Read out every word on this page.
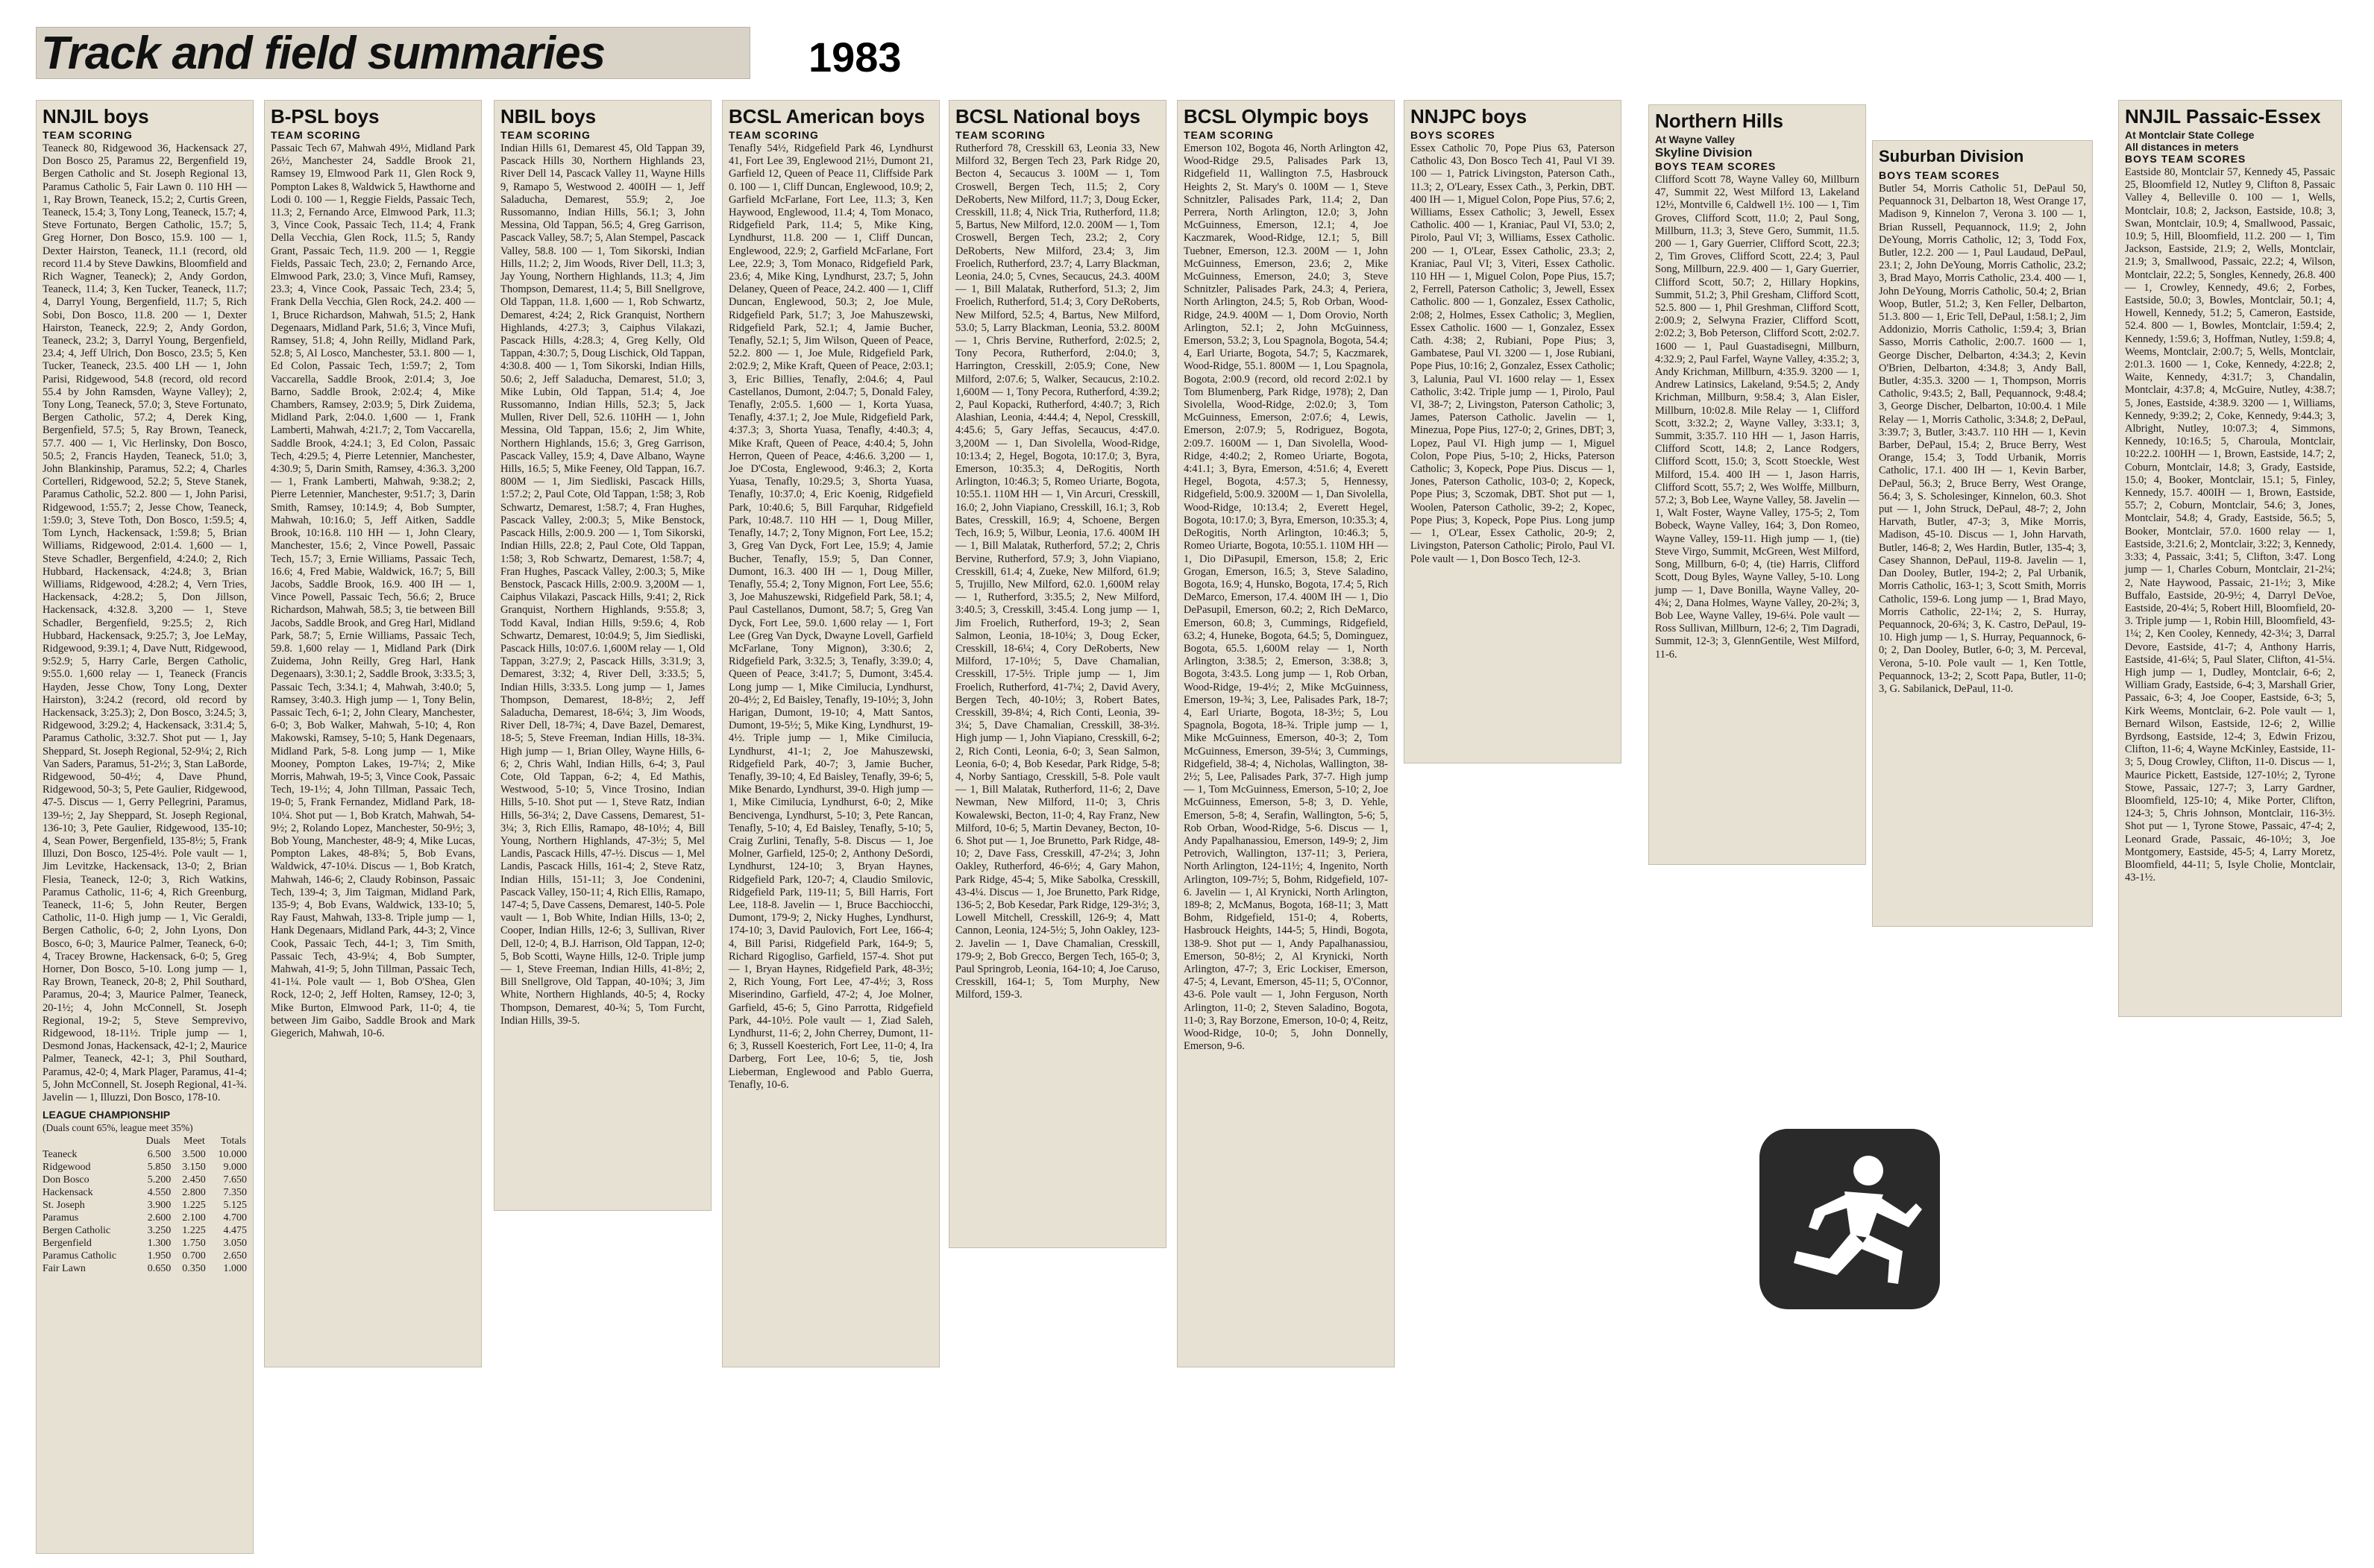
Track and field summaries	1983
NNJIL boys
TEAM SCORING

Teaneck 80, Ridgewood 36, Hackensack 27, Don Bosco 25, Paramus 22, Bergenfield 19, Bergen Catholic and St. Joseph Regional 13, Paramus Catholic 5, Fair Lawn 0. 110 HH — 1, Ray Brown, Teaneck, 15.2; 2, Curtis Green, Teaneck, 15.4; 3, Tony Long, Teaneck, 15.7; 4, Steve Fortunato, Bergen Catholic, 15.7; 5, Greg Horner, Don Bosco, 15.9. 100 — 1, Dexter Hairston, Teaneck, 11.1 (record, old record 11.4 by Steve Dawkins, Bloomfield and Rich Wagner, Teaneck); 2, Andy Gordon, Teaneck, 11.4; 3, Ken Tucker, Teaneck, 11.7; 4, Darryl Young, Bergenfield, 11.7; 5, Rich Sobi, Don Bosco, 11.8. 200 — 1, Dexter Hairston, Teaneck, 22.9; 2, Andy Gordon, Teaneck, 23.2; 3, Darryl Young, Bergenfield, 23.4; 4, Jeff Ulrich, Don Bosco, 23.5; 5, Ken Tucker, Teaneck, 23.5. 400 LH — 1, John Parisi, Ridgewood, 54.8 (record, old record 55.4 by John Ramsden, Wayne Valley); 2, Tony Long, Teaneck, 57.0; 3, Steve Fortunato, Bergen Catholic, 57.2; 4, Derek King, Bergenfield, 57.5; 5, Ray Brown, Teaneck, 57.7. 400 — 1, Vic Herlinsky, Don Bosco, 50.5; 2, Francis Hayden, Teaneck, 51.0; 3, John Blankinship, Paramus, 52.2; 4, Charles Cortelleri, Ridgewood, 52.2; 5, Steve Stanek, Paramus Catholic, 52.2. 800 — 1, John Parisi, Ridgewood, 1:55.7; 2, Jesse Chow, Teaneck, 1:59.0; 3, Steve Toth, Don Bosco, 1:59.5; 4, Tom Lynch, Hackensack, 1:59.8; 5, Brian Williams, Ridgewood, 2:01.4. 1,600 — 1, Steve Schadler, Bergenfield, 4:24.0; 2, Rich Hubbard, Hackensack, 4:24.8; 3, Brian Williams, Ridgewood, 4:28.2; 4, Vern Tries, Hackensack, 4:28.2; 5, Don Jillson, Hackensack, 4:32.8. 3,200 — 1, Steve Schadler, Bergenfield, 9:25.5; 2, Rich Hubbard, Hackensack, 9:25.7; 3, Joe LeMay, Ridgewood, 9:39.1; 4, Dave Nutt, Ridgewood, 9:52.9; 5, Harry Carle, Bergen Catholic, 9:55.0. 1,600 relay — 1, Teaneck (Francis Hayden, Jesse Chow, Tony Long, Dexter Hairston), 3:24.2 (record, old record by Hackensack, 3:25.3); 2, Don Bosco, 3:24.5; 3, Ridgewood, 3:29.2; 4, Hackensack, 3:31.4; 5, Paramus Catholic, 3:32.7. Shot put — 1, Jay Sheppard, St. Joseph Regional, 52-9¼; 2, Rich Van Saders, Paramus, 51-2½; 3, Stan LaBorde, Ridgewood, 50-4½; 4, Dave Phund, Ridgewood, 50-3; 5, Pete Gaulier, Ridgewood, 47-5. Discus — 1, Gerry Pellegrini, Paramus, 139-½; 2, Jay Sheppard, St. Joseph Regional, 136-10; 3, Pete Gaulier, Ridgewood, 135-10; 4, Sean Power, Bergenfield, 135-8½; 5, Frank Illuzi, Don Bosco, 125-4½. Pole vault — 1, Jim Levitzke, Hackensack, 13-0; 2, Brian Flesia, Teaneck, 12-0; 3, Rich Watkins, Paramus Catholic, 11-6; 4, Rich Greenburg, Teaneck, 11-6; 5, John Reuter, Bergen Catholic, 11-0. High jump — 1, Vic Geraldi, Bergen Catholic, 6-0; 2, John Lyons, Don Bosco, 6-0; 3, Maurice Palmer, Teaneck, 6-0; 4, Tracey Browne, Hackensack, 6-0; 5, Greg Horner, Don Bosco, 5-10. Long jump — 1, Ray Brown, Teaneck, 20-8; 2, Phil Southard, Paramus, 20-4; 3, Maurice Palmer, Teaneck, 20-1½; 4, John McConnell, St. Joseph Regional, 19-2; 5, Steve Semprevivo, Ridgewood, 18-11½. Triple jump — 1, Desmond Jonas, Hackensack, 42-1; 2, Maurice Palmer, Teaneck, 42-1; 3, Phil Southard, Paramus, 42-0; 4, Mark Plager, Paramus, 41-4; 5, John McConnell, St. Joseph Regional, 41-¾. Javelin — 1, Illuzzi, Don Bosco, 178-10.

LEAGUE CHAMPIONSHIP
(Duals count 65%, league meet 35%)
	Duals	Meet	Totals
Teaneck	6.500	3.500	10.000
Ridgewood	5.850	3.150	9.000
Don Bosco	5.200	2.450	7.650
Hackensack	4.550	2.800	7.350
St. Joseph	3.900	1.225	5.125
Paramus	2.600	2.100	4.700
Bergen Catholic	3.250	1.225	4.475
Bergenfield	1.300	1.750	3.050
Paramus Catholic	1.950	0.700	2.650
Fair Lawn	0.650	0.350	1.000
B-PSL boys
TEAM SCORING

Passaic Tech 67, Mahwah 49½, Midland Park 26½, Manchester 24, Saddle Brook 21, Ramsey 19, Elmwood Park 11, Glen Rock 9, Pompton Lakes 8, Waldwick 5, Hawthorne and Lodi 0. 100 — 1, Reggie Fields, Passaic Tech, 11.3; 2, Fernando Arce, Elmwood Park, 11.3; 3, Vince Cook, Passaic Tech, 11.4; 4, Frank Della Vecchia, Glen Rock, 11.5; 5, Randy Grant, Passaic Tech, 11.9. 200 — 1, Reggie Fields, Passaic Tech, 23.0; 2, Fernando Arce, Elmwood Park, 23.0; 3, Vince Mufi, Ramsey, 23.3; 4, Vince Cook, Passaic Tech, 23.4; 5, Frank Della Vecchia, Glen Rock, 24.2. 400 — 1, Bruce Richardson, Mahwah, 51.5; 2, Hank Degenaars, Midland Park, 51.6; 3, Vince Mufi, Ramsey, 51.8; 4, John Reilly, Midland Park, 52.8; 5, Al Losco, Manchester, 53.1. 800 — 1, Ed Colon, Passaic Tech, 1:59.7; 2, Tom Vaccarella, Saddle Brook, 2:01.4; 3, Joe Barno, Saddle Brook, 2:02.4; 4, Mike Chambers, Ramsey, 2:03.9; 5, Dirk Zuidema, Midland Park, 2:04.0. 1,600 — 1, Frank Lamberti, Mahwah, 4:21.7; 2, Tom Vaccarella, Saddle Brook, 4:24.1; 3, Ed Colon, Passaic Tech, 4:29.5; 4, Pierre Letennier, Manchester, 4:30.9; 5, Darin Smith, Ramsey, 4:36.3. 3,200 — 1, Frank Lamberti, Mahwah, 9:38.2; 2, Pierre Letennier, Manchester, 9:51.7; 3, Darin Smith, Ramsey, 10:14.9; 4, Bob Sumpter, Mahwah, 10:16.0; 5, Jeff Aitken, Saddle Brook, 10:16.8. 110 HH — 1, John Cleary, Manchester, 15.6; 2, Vince Powell, Passaic Tech, 15.7; 3, Ernie Williams, Passaic Tech, 16.6; 4, Fred Mabie, Waldwick, 16.7; 5, Bill Jacobs, Saddle Brook, 16.9. 400 IH — 1, Vince Powell, Passaic Tech, 56.6; 2, Bruce Richardson, Mahwah, 58.5; 3, tie between Bill Jacobs, Saddle Brook, and Greg Harl, Midland Park, 58.7; 5, Ernie Williams, Passaic Tech, 59.8. 1,600 relay — 1, Midland Park (Dirk Zuidema, John Reilly, Greg Harl, Hank Degenaars), 3:30.1; 2, Saddle Brook, 3:33.5; 3, Passaic Tech, 3:34.1; 4, Mahwah, 3:40.0; 5, Ramsey, 3:40.3. High jump — 1, Tony Belin, Passaic Tech, 6-1; 2, John Cleary, Manchester, 6-0; 3, Bob Walker, Mahwah, 5-10; 4, Ron Makowski, Ramsey, 5-10; 5, Hank Degenaars, Midland Park, 5-8. Long jump — 1, Mike Mooney, Pompton Lakes, 19-7¼; 2, Mike Morris, Mahwah, 19-5; 3, Vince Cook, Passaic Tech, 19-1½; 4, John Tillman, Passaic Tech, 19-0; 5, Frank Fernandez, Midland Park, 18-10¼. Shot put — 1, Bob Kratch, Mahwah, 54-9½; 2, Rolando Lopez, Manchester, 50-9½; 3, Bob Young, Manchester, 48-9; 4, Mike Lucas, Pompton Lakes, 48-8¾; 5, Bob Evans, Waldwick, 47-10¼. Discus — 1, Bob Kratch, Mahwah, 146-6; 2, Claudy Robinson, Passaic Tech, 139-4; 3, Jim Taigman, Midland Park, 135-9; 4, Bob Evans, Waldwick, 133-10; 5, Ray Faust, Mahwah, 133-8. Triple jump — 1, Hank Degenaars, Midland Park, 44-3; 2, Vince Cook, Passaic Tech, 44-1; 3, Tim Smith, Passaic Tech, 43-9¼; 4, Bob Sumpter, Mahwah, 41-9; 5, John Tillman, Passaic Tech, 41-1¼. Pole vault — 1, Bob O'Shea, Glen Rock, 12-0; 2, Jeff Holten, Ramsey, 12-0; 3, Mike Burton, Elmwood Park, 11-0; 4, tie between Jim Gaibo, Saddle Brook and Mark Giegerich, Mahwah, 10-6.

NBIL boys
TEAM SCORING

Indian Hills 61, Demarest 45, Old Tappan 39, Pascack Hills 30, Northern Highlands 23, River Dell 14, Pascack Valley 11, Wayne Hills 9, Ramapo 5, Westwood 2. 400IH — 1, Jeff Saladucha, Demarest, 55.9; 2, Joe Russomanno, Indian Hills, 56.1; 3, John Messina, Old Tappan, 56.5; 4, Greg Garrison, Pascack Valley, 58.7; 5, Alan Stempel, Pascack Valley, 58.8. 100 — 1, Tom Sikorski, Indian Hills, 11.2; 2, Jim Woods, River Dell, 11.3; 3, Jay Young, Northern Highlands, 11.3; 4, Jim Thompson, Demarest, 11.4; 5, Bill Snellgrove, Old Tappan, 11.8. 1,600 — 1, Rob Schwartz, Demarest, 4:24; 2, Rick Granquist, Northern Highlands, 4:27.3; 3, Caiphus Vilakazi, Pascack Hills, 4:28.3; 4, Greg Kelly, Old Tappan, 4:30.7; 5, Doug Lischick, Old Tappan, 4:30.8. 400 — 1, Tom Sikorski, Indian Hills, 50.6; 2, Jeff Saladucha, Demarest, 51.0; 3, Mike Lubin, Old Tappan, 51.4; 4, Joe Russomanno, Indian Hills, 52.3; 5, Jack Mullen, River Dell, 52.6. 110HH — 1, John Messina, Old Tappan, 15.6; 2, Jim White, Northern Highlands, 15.6; 3, Greg Garrison, Pascack Valley, 15.9; 4, Dave Albano, Wayne Hills, 16.5; 5, Mike Feeney, Old Tappan, 16.7. 800M — 1, Jim Siedliski, Pascack Hills, 1:57.2; 2, Paul Cote, Old Tappan, 1:58; 3, Rob Schwartz, Demarest, 1:58.7; 4, Fran Hughes, Pascack Valley, 2:00.3; 5, Mike Benstock, Pascack Hills, 2:00.9. 200 — 1, Tom Sikorski, Indian Hills, 22.8; 2, Paul Cote, Old Tappan, 1:58; 3, Rob Schwartz, Demarest, 1:58.7; 4, Fran Hughes, Pascack Valley, 2:00.3; 5, Mike Benstock, Pascack Hills, 2:00.9. 3,200M — 1, Caiphus Vilakazi, Pascack Hills, 9:41; 2, Rick Granquist, Northern Highlands, 9:55.8; 3, Todd Kaval, Indian Hills, 9:59.6; 4, Rob Schwartz, Demarest, 10:04.9; 5, Jim Siedliski, Pascack Hills, 10:07.6. 1,600M relay — 1, Old Tappan, 3:27.9; 2, Pascack Hills, 3:31.9; 3, Demarest, 3:32; 4, River Dell, 3:33.5; 5, Indian Hills, 3:33.5. Long jump — 1, James Thompson, Demarest, 18-8½; 2, Jeff Saladucha, Demarest, 18-6¼; 3, Jim Woods, River Dell, 18-7¾; 4, Dave Bazel, Demarest, 18-5; 5, Steve Freeman, Indian Hills, 18-3¾. High jump — 1, Brian Olley, Wayne Hills, 6-6; 2, Chris Wahl, Indian Hills, 6-4; 3, Paul Cote, Old Tappan, 6-2; 4, Ed Mathis, Westwood, 5-10; 5, Vince Trosino, Indian Hills, 5-10. Shot put — 1, Steve Ratz, Indian Hills, 56-3¼; 2, Dave Cassens, Demarest, 51-3¼; 3, Rich Ellis, Ramapo, 48-10½; 4, Bill Young, Northern Highlands, 47-3½; 5, Mel Landis, Pascack Hills, 47-½. Discus — 1, Mel Landis, Pascack Hills, 161-4; 2, Steve Ratz, Indian Hills, 151-11; 3, Joe Condenini, Pascack Valley, 150-11; 4, Rich Ellis, Ramapo, 147-4; 5, Dave Cassens, Demarest, 140-5. Pole vault — 1, Bob White, Indian Hills, 13-0; 2, Cooper, Indian Hills, 12-6; 3, Sullivan, River Dell, 12-0; 4, B.J. Harrison, Old Tappan, 12-0; 5, Bob Scotti, Wayne Hills, 12-0. Triple jump — 1, Steve Freeman, Indian Hills, 41-8½; 2, Bill Snellgrove, Old Tappan, 40-10¾; 3, Jim White, Northern Highlands, 40-5; 4, Rocky Thompson, Demarest, 40-¾; 5, Tom Furcht, Indian Hills, 39-5.

BCSL American boys
TEAM SCORING

Tenafly 54½, Ridgefield Park 46, Lyndhurst 41, Fort Lee 39, Englewood 21½, Dumont 21, Garfield 12, Queen of Peace 11, Cliffside Park 0. 100 — 1, Cliff Duncan, Englewood, 10.9; 2, Garfield McFarlane, Fort Lee, 11.3; 3, Ken Haywood, Englewood, 11.4; 4, Tom Monaco, Ridgefield Park, 11.4; 5, Mike King, Lyndhurst, 11.8. 200 — 1, Cliff Duncan, Englewood, 22.9; 2, Garfield McFarlane, Fort Lee, 22.9; 3, Tom Monaco, Ridgefield Park, 23.6; 4, Mike King, Lyndhurst, 23.7; 5, John Delaney, Queen of Peace, 24.2. 400 — 1, Cliff Duncan, Englewood, 50.3; 2, Joe Mule, Ridgefield Park, 51.7; 3, Joe Mahuszewski, Ridgefield Park, 52.1; 4, Jamie Bucher, Tenafly, 52.1; 5, Jim Wilson, Queen of Peace, 52.2. 800 — 1, Joe Mule, Ridgefield Park, 2:02.9; 2, Mike Kraft, Queen of Peace, 2:03.1; 3, Eric Billies, Tenafly, 2:04.6; 4, Paul Castellanos, Dumont, 2:04.7; 5, Donald Faley, Tenafly, 2:05.5. 1,600 — 1, Korta Yuasa, Tenafly, 4:37.1; 2, Joe Mule, Ridgefield Park, 4:37.3; 3, Shorta Yuasa, Tenafly, 4:40.3; 4, Mike Kraft, Queen of Peace, 4:40.4; 5, John Herron, Queen of Peace, 4:46.6. 3,200 — 1, Joe D'Costa, Englewood, 9:46.3; 2, Korta Yuasa, Tenafly, 10:29.5; 3, Shorta Yuasa, Tenafly, 10:37.0; 4, Eric Koenig, Ridgefield Park, 10:40.6; 5, Bill Farquhar, Ridgefield Park, 10:48.7. 110 HH — 1, Doug Miller, Tenafly, 14.7; 2, Tony Mignon, Fort Lee, 15.2; 3, Greg Van Dyck, Fort Lee, 15.9; 4, Jamie Bucher, Tenafly, 15.9; 5, Dan Conner, Dumont, 16.3. 400 IH — 1, Doug Miller, Tenafly, 55.4; 2, Tony Mignon, Fort Lee, 55.6; 3, Joe Mahuszewski, Ridgefield Park, 58.1; 4, Paul Castellanos, Dumont, 58.7; 5, Greg Van Dyck, Fort Lee, 59.0. 1,600 relay — 1, Fort Lee (Greg Van Dyck, Dwayne Lovell, Garfield McFarlane, Tony Mignon), 3:30.6; 2, Ridgefield Park, 3:32.5; 3, Tenafly, 3:39.0; 4, Queen of Peace, 3:41.7; 5, Dumont, 3:45.4. Long jump — 1, Mike Cimilucia, Lyndhurst, 20-4½; 2, Ed Baisley, Tenafly, 19-10½; 3, John Harigan, Dumont, 19-10; 4, Matt Santos, Dumont, 19-5½; 5, Mike King, Lyndhurst, 19-4½. Triple jump — 1, Mike Cimilucia, Lyndhurst, 41-1; 2, Joe Mahuszewski, Ridgefield Park, 40-7; 3, Jamie Bucher, Tenafly, 39-10; 4, Ed Baisley, Tenafly, 39-6; 5, Mike Benardo, Lyndhurst, 39-0. High jump — 1, Mike Cimilucia, Lyndhurst, 6-0; 2, Mike Bencivenga, Lyndhurst, 5-10; 3, Pete Rancan, Tenafly, 5-10; 4, Ed Baisley, Tenafly, 5-10; 5, Craig Zurlini, Tenafly, 5-8. Discus — 1, Joe Molner, Garfield, 125-0; 2, Anthony DeSordi, Lyndhurst, 124-10; 3, Bryan Haynes, Ridgefield Park, 120-7; 4, Claudio Smilovic, Ridgefield Park, 119-11; 5, Bill Harris, Fort Lee, 118-8. Javelin — 1, Bruce Bacchiocchi, Dumont, 179-9; 2, Nicky Hughes, Lyndhurst, 174-10; 3, David Paulovich, Fort Lee, 166-4; 4, Bill Parisi, Ridgefield Park, 164-9; 5, Richard Rigogliso, Garfield, 157-4. Shot put — 1, Bryan Haynes, Ridgefield Park, 48-3½; 2, Rich Young, Fort Lee, 47-4½; 3, Ross Miserindino, Garfield, 47-2; 4, Joe Molner, Garfield, 45-6; 5, Gino Parrotta, Ridgefield Park, 44-10½. Pole vault — 1, Ziad Saleh, Lyndhurst, 11-6; 2, John Cherrey, Dumont, 11-6; 3, Russell Koesterich, Fort Lee, 11-0; 4, Ira Darberg, Fort Lee, 10-6; 5, tie, Josh Lieberman, Englewood and Pablo Guerra, Tenafly, 10-6.

BCSL National boys
TEAM SCORING

Rutherford 78, Cresskill 63, Leonia 33, New Milford 32, Bergen Tech 23, Park Ridge 20, Becton 4, Secaucus 3. 100M — 1, Tom Croswell, Bergen Tech, 11.5; 2, Cory DeRoberts, New Milford, 11.7; 3, Doug Ecker, Cresskill, 11.8; 4, Nick Tria, Rutherford, 11.8; 5, Bartus, New Milford, 12.0. 200M — 1, Tom Croswell, Bergen Tech, 23.2; 2, Cory DeRoberts, New Milford, 23.4; 3, Jim Froelich, Rutherford, 23.7; 4, Larry Blackman, Leonia, 24.0; 5, Cvnes, Secaucus, 24.3. 400M — 1, Bill Malatak, Rutherford, 51.3; 2, Jim Froelich, Rutherford, 51.4; 3, Cory DeRoberts, New Milford, 52.5; 4, Bartus, New Milford, 53.0; 5, Larry Blackman, Leonia, 53.2. 800M — 1, Chris Bervine, Rutherford, 2:02.5; 2, Tony Pecora, Rutherford, 2:04.0; 3, Harrington, Cresskill, 2:05.9; Cone, New Milford, 2:07.6; 5, Walker, Secaucus, 2:10.2. 1,600M — 1, Tony Pecora, Rutherford, 4:39.2; 2, Paul Kopacki, Rutherford, 4:40.7; 3, Rich Alashian, Leonia, 4:44.4; 4, Nepol, Cresskill, 4:45.6; 5, Gary Jeffas, Secaucus, 4:47.0. 3,200M — 1, Dan Sivolella, Wood-Ridge, 10:13.4; 2, Hegel, Bogota, 10:17.0; 3, Byra, Emerson, 10:35.3; 4, DeRogitis, North Arlington, 10:46.3; 5, Romeo Uriarte, Bogota, 10:55.1. 110M HH — 1, Vin Arcuri, Cresskill, 16.0; 2, John Viapiano, Cresskill, 16.1; 3, Rob Bates, Cresskill, 16.9; 4, Schoene, Bergen Tech, 16.9; 5, Wilbur, Leonia, 17.6. 400M IH — 1, Bill Malatak, Rutherford, 57.2; 2, Chris Bervine, Rutherford, 57.9; 3, John Viapiano, Cresskill, 61.4; 4, Zueke, New Milford, 61.9; 5, Trujillo, New Milford, 62.0. 1,600M relay — 1, Rutherford, 3:35.5; 2, New Milford, 3:40.5; 3, Cresskill, 3:45.4. Long jump — 1, Jim Froelich, Rutherford, 19-3; 2, Sean Salmon, Leonia, 18-10¼; 3, Doug Ecker, Cresskill, 18-6¼; 4, Cory DeRoberts, New Milford, 17-10½; 5, Dave Chamalian, Cresskill, 17-5½. Triple jump — 1, Jim Froelich, Rutherford, 41-7¼; 2, David Avery, Bergen Tech, 40-10½; 3, Robert Bates, Cresskill, 39-8¼; 4, Rich Conti, Leonia, 39-3¼; 5, Dave Chamalian, Cresskill, 38-3½. High jump — 1, John Viapiano, Cresskill, 6-2; 2, Rich Conti, Leonia, 6-0; 3, Sean Salmon, Leonia, 6-0; 4, Bob Kesedar, Park Ridge, 5-8; 4, Norby Santiago, Cresskill, 5-8. Pole vault — 1, Bill Malatak, Rutherford, 11-6; 2, Dave Newman, New Milford, 11-0; 3, Chris Kowalewski, Becton, 11-0; 4, Ray Franz, New Milford, 10-6; 5, Martin Devaney, Becton, 10-6. Shot put — 1, Joe Brunetto, Park Ridge, 48-10; 2, Dave Fass, Cresskill, 47-2¼; 3, John Oakley, Rutherford, 46-6½; 4, Gary Mahon, Park Ridge, 45-4; 5, Mike Sabolka, Cresskill, 43-4¼. Discus — 1, Joe Brunetto, Park Ridge, 136-5; 2, Bob Kesedar, Park Ridge, 129-3½; 3, Lowell Mitchell, Cresskill, 126-9; 4, Matt Cannon, Leonia, 124-5½; 5, John Oakley, 123-2. Javelin — 1, Dave Chamalian, Cresskill, 179-9; 2, Bob Grecco, Bergen Tech, 165-0; 3, Paul Springrob, Leonia, 164-10; 4, Joe Caruso, Cresskill, 164-1; 5, Tom Murphy, New Milford, 159-3.

BCSL Olympic boys
TEAM SCORING

Emerson 102, Bogota 46, North Arlington 42, Wood-Ridge 29.5, Palisades Park 13, Ridgefield 11, Wallington 7.5, Hasbrouck Heights 2, St. Mary's 0. 100M — 1, Steve Schnitzler, Palisades Park, 11.4; 2, Dan Perrera, North Arlington, 12.0; 3, John McGuinness, Emerson, 12.1; 4, Joe Kaczmarek, Wood-Ridge, 12.1; 5, Bill Tuebner, Emerson, 12.3. 200M — 1, John McGuinness, Emerson, 23.6; 2, Mike McGuinness, Emerson, 24.0; 3, Steve Schnitzler, Palisades Park, 24.3; 4, Periera, North Arlington, 24.5; 5, Rob Orban, Wood-Ridge, 24.9. 400M — 1, Dom Orovio, North Arlington, 52.1; 2, John McGuinness, Emerson, 53.2; 3, Lou Spagnola, Bogota, 54.4; 4, Earl Uriarte, Bogota, 54.7; 5, Kaczmarek, Wood-Ridge, 55.1. 800M — 1, Lou Spagnola, Bogota, 2:00.9 (record, old record 2:02.1 by Tom Blumenberg, Park Ridge, 1978); 2, Dan Sivolella, Wood-Ridge, 2:02.0; 3, Tom McGuinness, Emerson, 2:07.6; 4, Lewis, Emerson, 2:07.9; 5, Rodriguez, Bogota, 2:09.7. 1600M — 1, Dan Sivolella, Wood-Ridge, 4:40.2; 2, Romeo Uriarte, Bogota, 4:41.1; 3, Byra, Emerson, 4:51.6; 4, Everett Hegel, Bogota, 4:57.3; 5, Hennessy, Ridgefield, 5:00.9. 3200M — 1, Dan Sivolella, Wood-Ridge, 10:13.4; 2, Everett Hegel, Bogota, 10:17.0; 3, Byra, Emerson, 10:35.3; 4, DeRogitis, North Arlington, 10:46.3; 5, Romeo Uriarte, Bogota, 10:55.1. 110M HH — 1, Dio DiPasupil, Emerson, 15.8; 2, Eric Grogan, Emerson, 16.5; 3, Steve Saladino, Bogota, 16.9; 4, Hunsko, Bogota, 17.4; 5, Rich DeMarco, Emerson, 17.4. 400M IH — 1, Dio DePasupil, Emerson, 60.2; 2, Rich DeMarco, Emerson, 60.8; 3, Cummings, Ridgefield, 63.2; 4, Huneke, Bogota, 64.5; 5, Dominguez, Bogota, 65.5. 1,600M relay — 1, North Arlington, 3:38.5; 2, Emerson, 3:38.8; 3, Bogota, 3:43.5. Long jump — 1, Rob Orban, Wood-Ridge, 19-4½; 2, Mike McGuinness, Emerson, 19-¾; 3, Lee, Palisades Park, 18-7; 4, Earl Uriarte, Bogota, 18-3½; 5, Lou Spagnola, Bogota, 18-¾. Triple jump — 1, Mike McGuinness, Emerson, 40-3; 2, Tom McGuinness, Emerson, 39-5¼; 3, Cummings, Ridgefield, 38-4; 4, Nicholas, Wallington, 38-2½; 5, Lee, Palisades Park, 37-7. High jump — 1, Tom McGuinness, Emerson, 5-10; 2, Joe McGuinness, Emerson, 5-8; 3, D. Yehle, Emerson, 5-8; 4, Serafin, Wallington, 5-6; 5, Rob Orban, Wood-Ridge, 5-6. Discus — 1, Andy Papalhanassiou, Emerson, 149-9; 2, Jim Petrovich, Wallington, 137-11; 3, Periera, North Arlington, 124-11½; 4, Ingenito, North Arlington, 109-7½; 5, Bohm, Ridgefield, 107-6. Javelin — 1, Al Krynicki, North Arlington, 189-8; 2, McManus, Bogota, 168-11; 3, Matt Bohm, Ridgefield, 151-0; 4, Roberts, Hasbrouck Heights, 144-5; 5, Hindi, Bogota, 138-9. Shot put — 1, Andy Papalhanassiou, Emerson, 50-8½; 2, Al Krynicki, North Arlington, 47-7; 3, Eric Lockiser, Emerson, 47-5; 4, Levant, Emerson, 45-11; 5, O'Connor, 43-6. Pole vault — 1, John Ferguson, North Arlington, 11-0; 2, Steven Saladino, Bogota, 11-0; 3, Ray Borzone, Emerson, 10-0; 4, Reitz, Wood-Ridge, 10-0; 5, John Donnelly, Emerson, 9-6.

NNJPC boys
BOYS SCORES

Essex Catholic 70, Pope Pius 63, Paterson Catholic 43, Don Bosco Tech 41, Paul VI 39. 100 — 1, Patrick Livingston, Paterson Cath., 11.3; 2, O'Leary, Essex Cath., 3, Perkin, DBT. 400 IH — 1, Miguel Colon, Pope Pius, 57.6; 2, Williams, Essex Catholic; 3, Jewell, Essex Catholic. 400 — 1, Kraniac, Paul VI, 53.0; 2, Pirolo, Paul VI; 3, Williams, Essex Catholic. 200 — 1, O'Lear, Essex Catholic, 23.3; 2, Kraniac, Paul VI; 3, Viteri, Essex Catholic. 110 HH — 1, Miguel Colon, Pope Pius, 15.7; 2, Ferrell, Paterson Catholic; 3, Jewell, Essex Catholic. 800 — 1, Gonzalez, Essex Catholic, 2:08; 2, Holmes, Essex Catholic; 3, Meglien, Essex Catholic. 1600 — 1, Gonzalez, Essex Cath. 4:38; 2, Rubiani, Pope Pius; 3, Gambatese, Paul VI. 3200 — 1, Jose Rubiani, Pope Pius, 10:16; 2, Gonzalez, Essex Catholic; 3, Lalunia, Paul VI. 1600 relay — 1, Essex Catholic, 3:42. Triple jump — 1, Pirolo, Paul VI, 38-7; 2, Livingston, Paterson Catholic; 3, James, Paterson Catholic. Javelin — 1, Minezua, Pope Pius, 127-0; 2, Grines, DBT; 3, Lopez, Paul VI. High jump — 1, Miguel Colon, Pope Pius, 5-10; 2, Hicks, Paterson Catholic; 3, Kopeck, Pope Pius. Discus — 1, Jones, Paterson Catholic, 103-0; 2, Kopeck, Pope Pius; 3, Sczomak, DBT. Shot put — 1, Woolen, Paterson Catholic, 39-2; 2, Kopec, Pope Pius; 3, Kopeck, Pope Pius. Long jump — 1, O'Lear, Essex Catholic, 20-9; 2, Livingston, Paterson Catholic; Pirolo, Paul VI. Pole vault — 1, Don Bosco Tech, 12-3.

Northern Hills
At Wayne Valley
Skyline Division
BOYS TEAM SCORES

Clifford Scott 78, Wayne Valley 60, Millburn 47, Summit 22, West Milford 13, Lakeland 12½, Montville 6, Caldwell 1½. 100 — 1, Tim Groves, Clifford Scott, 11.0; 2, Paul Song, Millburn, 11.3; 3, Steve Gero, Summit, 11.5. 200 — 1, Gary Guerrier, Clifford Scott, 22.3; 2, Tim Groves, Clifford Scott, 22.4; 3, Paul Song, Millburn, 22.9. 400 — 1, Gary Guerrier, Clifford Scott, 50.7; 2, Hillary Hopkins, Summit, 51.2; 3, Phil Gresham, Clifford Scott, 52.5. 800 — 1, Phil Greshman, Clifford Scott, 2:00.9; 2, Selwyna Frazier, Clifford Scott, 2:02.2; 3, Bob Peterson, Clifford Scott, 2:02.7. 1600 — 1, Paul Guastadisegni, Millburn, 4:32.9; 2, Paul Farfel, Wayne Valley, 4:35.2; 3, Andy Krichman, Millburn, 4:35.9. 3200 — 1, Andrew Latinsics, Lakeland, 9:54.5; 2, Andy Krichman, Millburn, 9:58.4; 3, Alan Eisler, Millburn, 10:02.8. Mile Relay — 1, Clifford Scott, 3:32.2; 2, Wayne Valley, 3:33.1; 3, Summit, 3:35.7. 110 HH — 1, Jason Harris, Clifford Scott, 14.8; 2, Lance Rodgers, Clifford Scott, 15.0; 3, Scott Stoeckle, West Milford, 15.4. 400 IH — 1, Jason Harris, Clifford Scott, 55.7; 2, Wes Wolffe, Millburn, 57.2; 3, Bob Lee, Wayne Valley, 58. Javelin — 1, Walt Foster, Wayne Valley, 175-5; 2, Tom Bobeck, Wayne Valley, 164; 3, Don Romeo, Wayne Valley, 159-11. High jump — 1, (tie) Steve Virgo, Summit, McGreen, West Milford, Song, Millburn, 6-0; 4, (tie) Harris, Clifford Scott, Doug Byles, Wayne Valley, 5-10. Long jump — 1, Dave Bonilla, Wayne Valley, 20-4¾; 2, Dana Holmes, Wayne Valley, 20-2¾; 3, Bob Lee, Wayne Valley, 19-6¼. Pole vault — Ross Sullivan, Millburn, 12-6; 2, Tim Dagradi, Summit, 12-3; 3, GlennGentile, West Milford, 11-6.

Suburban Division
BOYS TEAM SCORES

Butler 54, Morris Catholic 51, DePaul 50, Pequannock 31, Delbarton 18, West Orange 17, Madison 9, Kinnelon 7, Verona 3. 100 — 1, Brian Russell, Pequannock, 11.9; 2, John DeYoung, Morris Catholic, 12; 3, Todd Fox, Butler, 12.2. 200 — 1, Paul Laudaud, DePaul, 23.1; 2, John DeYoung, Morris Catholic, 23.2; 3, Brad Mayo, Morris Catholic, 23.4. 400 — 1, John DeYoung, Morris Catholic, 50.4; 2, Brian Woop, Butler, 51.2; 3, Ken Feller, Delbarton, 51.3. 800 — 1, Eric Tell, DePaul, 1:58.1; 2, Jim Addonizio, Morris Catholic, 1:59.4; 3, Brian Sasso, Morris Catholic, 2:00.7. 1600 — 1, George Discher, Delbarton, 4:34.3; 2, Kevin O'Brien, Delbarton, 4:34.8; 3, Andy Ball, Butler, 4:35.3. 3200 — 1, Thompson, Morris Catholic, 9:43.5; 2, Ball, Pequannock, 9:48.4; 3, George Discher, Delbarton, 10:00.4. 1 Mile Relay — 1, Morris Catholic, 3:34.8; 2, DePaul, 3:39.7; 3, Butler, 3:43.7. 110 HH — 1, Kevin Barber, DePaul, 15.4; 2, Bruce Berry, West Orange, 15.4; 3, Todd Urbanik, Morris Catholic, 17.1. 400 IH — 1, Kevin Barber, DePaul, 56.3; 2, Bruce Berry, West Orange, 56.4; 3, S. Scholesinger, Kinnelon, 60.3. Shot put — 1, John Struck, DePaul, 48-7; 2, John Harvath, Butler, 47-3; 3, Mike Morris, Madison, 45-10. Discus — 1, John Harvath, Butler, 146-8; 2, Wes Hardin, Butler, 135-4; 3, Casey Shannon, DePaul, 119-8. Javelin — 1, Dan Dooley, Butler, 194-2; 2, Pal Urbanik, Morris Catholic, 163-1; 3, Scott Smith, Morris Catholic, 159-6. Long jump — 1, Brad Mayo, Morris Catholic, 22-1¼; 2, S. Hurray, Pequannock, 20-6¾; 3, K. Castro, DePaul, 19-10. High jump — 1, S. Hurray, Pequannock, 6-0; 2, Dan Dooley, Butler, 6-0; 3, M. Perceval, Verona, 5-10. Pole vault — 1, Ken Tottle, Pequannock, 13-2; 2, Scott Papa, Butler, 11-0; 3, G. Sabilanick, DePaul, 11-0.

NNJIL Passaic-Essex
At Montclair State College
All distances in meters
BOYS TEAM SCORES

Eastside 80, Montclair 57, Kennedy 45, Passaic 25, Bloomfield 12, Nutley 9, Clifton 8, Passaic Valley 4, Belleville 0. 100 — 1, Wells, Montclair, 10.8; 2, Jackson, Eastside, 10.8; 3, Swan, Montclair, 10.9; 4, Smallwood, Passaic, 10.9; 5, Hill, Bloomfield, 11.2. 200 — 1, Tim Jackson, Eastside, 21.9; 2, Wells, Montclair, 21.9; 3, Smallwood, Passaic, 22.2; 4, Wilson, Montclair, 22.2; 5, Songles, Kennedy, 26.8. 400 — 1, Crowley, Kennedy, 49.6; 2, Forbes, Eastside, 50.0; 3, Bowles, Montclair, 50.1; 4, Howell, Kennedy, 51.2; 5, Cameron, Eastside, 52.4. 800 — 1, Bowles, Montclair, 1:59.4; 2, Kennedy, 1:59.6; 3, Hoffman, Nutley, 1:59.8; 4, Weems, Montclair, 2:00.7; 5, Wells, Montclair, 2:01.3. 1600 — 1, Coke, Kennedy, 4:22.8; 2, Waite, Kennedy, 4:31.7; 3, Chandalin, Montclair, 4:37.8; 4, McGuire, Nutley, 4:38.7; 5, Jones, Eastside, 4:38.9. 3200 — 1, Williams, Kennedy, 9:39.2; 2, Coke, Kennedy, 9:44.3; 3, Albright, Nutley, 10:07.3; 4, Simmons, Kennedy, 10:16.5; 5, Charoula, Montclair, 10:22.2. 100HH — 1, Brown, Eastside, 14.7; 2, Coburn, Montclair, 14.8; 3, Grady, Eastside, 15.0; 4, Booker, Montclair, 15.1; 5, Finley, Kennedy, 15.7. 400IH — 1, Brown, Eastside, 55.7; 2, Coburn, Montclair, 54.6; 3, Jones, Montclair, 54.8; 4, Grady, Eastside, 56.5; 5, Booker, Montclair, 57.0. 1600 relay — 1, Eastside, 3:21.6; 2, Montclair, 3:22; 3, Kennedy, 3:33; 4, Passaic, 3:41; 5, Clifton, 3:47. Long jump — 1, Charles Coburn, Montclair, 21-2¼; 2, Nate Haywood, Passaic, 21-1½; 3, Mike Buffalo, Eastside, 20-9½; 4, Darryl DeVoe, Eastside, 20-4¼; 5, Robert Hill, Bloomfield, 20-3. Triple jump — 1, Robin Hill, Bloomfield, 43-1¼; 2, Ken Cooley, Kennedy, 42-3¼; 3, Darral Devore, Eastside, 41-7; 4, Anthony Harris, Eastside, 41-6¼; 5, Paul Slater, Clifton, 41-5¼. High jump — 1, Dudley, Montclair, 6-6; 2, William Grady, Eastside, 6-4; 3, Marshall Grier, Passaic, 6-3; 4, Joe Cooper, Eastside, 6-3; 5, Kirk Weems, Montclair, 6-2. Pole vault — 1, Bernard Wilson, Eastside, 12-6; 2, Willie Byrdsong, Eastside, 12-4; 3, Edwin Frizou, Clifton, 11-6; 4, Wayne McKinley, Eastside, 11-3; 5, Doug Crowley, Clifton, 11-0. Discus — 1, Maurice Pickett, Eastside, 127-10½; 2, Tyrone Stowe, Passaic, 127-7; 3, Larry Gardner, Bloomfield, 125-10; 4, Mike Porter, Clifton, 124-3; 5, Chris Johnson, Montclair, 116-3½. Shot put — 1, Tyrone Stowe, Passaic, 47-4; 2, Leonard Grade, Passaic, 46-10½; 3, Joe Montgomery, Eastside, 45-5; 4, Larry Moretz, Bloomfield, 44-11; 5, Isyle Cholie, Montclair, 43-1½.
